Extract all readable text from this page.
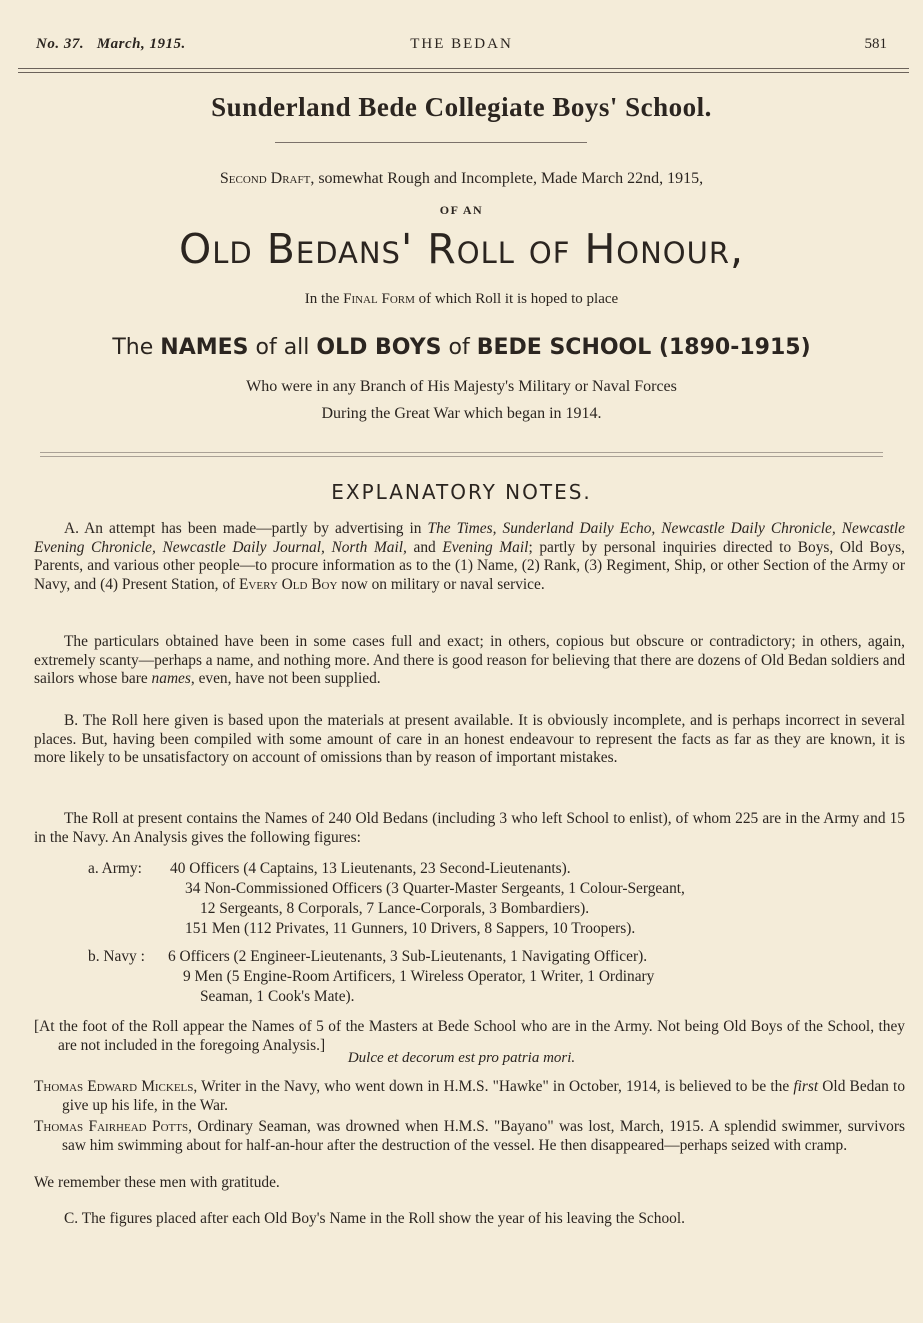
No. 37. March, 1915.	THE BEDAN	581
Sunderland Bede Collegiate Boys' School.
Second Draft, somewhat Rough and Incomplete, Made March 22nd, 1915,
OF AN
Old Bedans' Roll of Honour,
In the Final Form of which Roll it is hoped to place
The NAMES of all OLD BOYS of BEDE SCHOOL (1890-1915)
Who were in any Branch of His Majesty's Military or Naval Forces
During the Great War which began in 1914.
EXPLANATORY NOTES.
A. An attempt has been made—partly by advertising in The Times, Sunderland Daily Echo, Newcastle Daily Chronicle, Newcastle Evening Chronicle, Newcastle Daily Journal, North Mail, and Evening Mail; partly by personal inquiries directed to Boys, Old Boys, Parents, and various other people—to procure information as to the (1) Name, (2) Rank, (3) Regiment, Ship, or other Section of the Army or Navy, and (4) Present Station, of Every Old Boy now on military or naval service.
The particulars obtained have been in some cases full and exact; in others, copious but obscure or contradictory; in others, again, extremely scanty—perhaps a name, and nothing more. And there is good reason for believing that there are dozens of Old Bedan soldiers and sailors whose bare names, even, have not been supplied.
B. The Roll here given is based upon the materials at present available. It is obviously incomplete, and is perhaps incorrect in several places. But, having been compiled with some amount of care in an honest endeavour to represent the facts as far as they are known, it is more likely to be unsatisfactory on account of omissions than by reason of important mistakes.
The Roll at present contains the Names of 240 Old Bedans (including 3 who left School to enlist), of whom 225 are in the Army and 15 in the Navy. An Analysis gives the following figures:
a. Army: 40 Officers (4 Captains, 13 Lieutenants, 23 Second-Lieutenants).
34 Non-Commissioned Officers (3 Quarter-Master Sergeants, 1 Colour-Sergeant,
12 Sergeants, 8 Corporals, 7 Lance-Corporals, 3 Bombardiers).
151 Men (112 Privates, 11 Gunners, 10 Drivers, 8 Sappers, 10 Troopers).
b. Navy : 6 Officers (2 Engineer-Lieutenants, 3 Sub-Lieutenants, 1 Navigating Officer).
9 Men (5 Engine-Room Artificers, 1 Wireless Operator, 1 Writer, 1 Ordinary
Seaman, 1 Cook's Mate).
[At the foot of the Roll appear the Names of 5 of the Masters at Bede School who are in the Army. Not being Old Boys of the School, they are not included in the foregoing Analysis.]
Dulce et decorum est pro patria mori.
Thomas Edward Mickels, Writer in the Navy, who went down in H.M.S. "Hawke" in October, 1914, is believed to be the first Old Bedan to give up his life, in the War.
Thomas Fairhead Potts, Ordinary Seaman, was drowned when H.M.S. "Bayano" was lost, March, 1915. A splendid swimmer, survivors saw him swimming about for half-an-hour after the destruction of the vessel. He then disappeared—perhaps seized with cramp.
We remember these men with gratitude.
C. The figures placed after each Old Boy's Name in the Roll show the year of his leaving the School.
